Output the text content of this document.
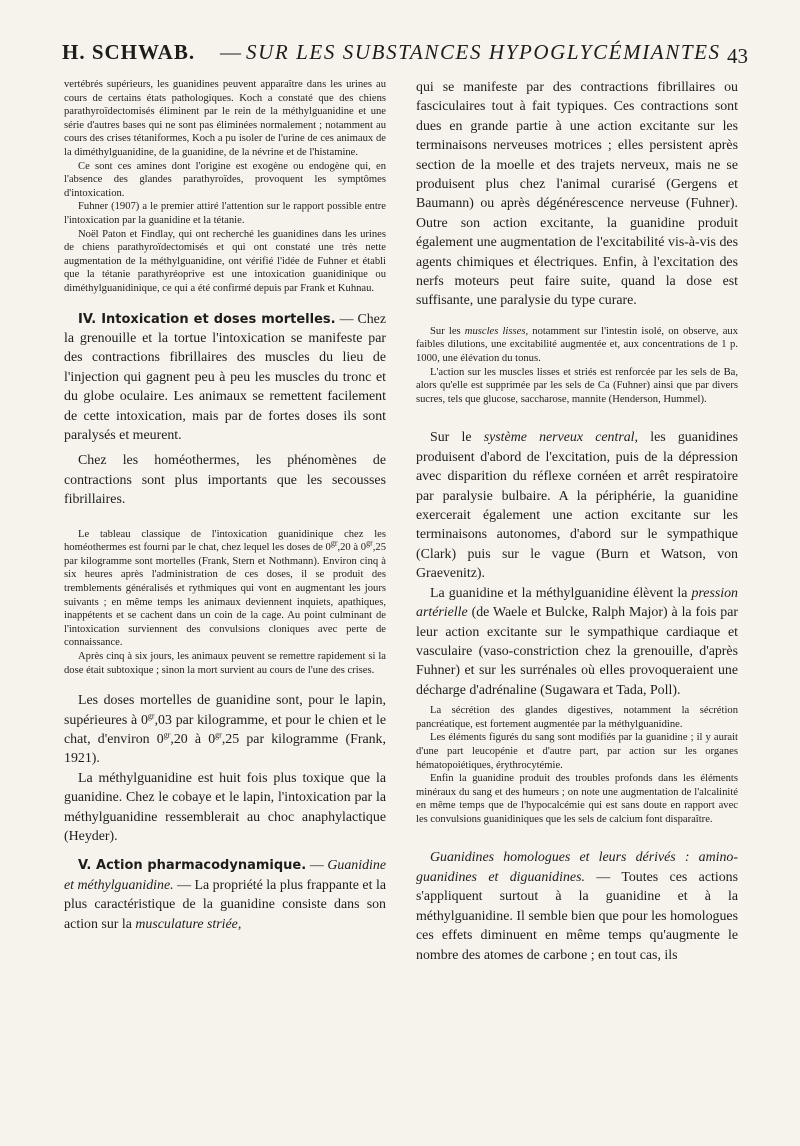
H. SCHWAB. — SUR LES SUBSTANCES HYPOGLYCÉMIANTES 43

vertébrés supérieurs, les guanidines peuvent apparaître dans les urines au cours de certains états pathologiques. Koch a constaté que des chiens parathyroïdectomisés éliminent par le rein de la méthylguanidine et une série d'autres bases qui ne sont pas éliminées normalement ; notamment au cours des crises tétaniformes, Koch a pu isoler de l'urine de ces animaux de la diméthylguanidine, de la guanidine, de la névrine et de l'histamine.

Ce sont ces amines dont l'origine est exogène ou endogène qui, en l'absence des glandes parathyroïdes, provoquent les symptômes d'intoxication.

Fuhner (1907) a le premier attiré l'attention sur le rapport possible entre l'intoxication par la guanidine et la tétanie.

Noël Paton et Findlay, qui ont recherché les guanidines dans les urines de chiens parathyroïdectomisés et qui ont constaté une très nette augmentation de la méthylguanidine, ont vérifié l'idée de Fuhner et établi que la tétanie parathyréoprive est une intoxication guanidinique ou diméthylguanidinique, ce qui a été confirmé depuis par Frank et Kuhnau.

IV. Intoxication et doses mortelles. — Chez la grenouille et la tortue l'intoxication se manifeste par des contractions fibrillaires des muscles du lieu de l'injection qui gagnent peu à peu les muscles du tronc et du globe oculaire. Les animaux se remettent facilement de cette intoxication, mais par de fortes doses ils sont paralysés et meurent.

Chez les homéothermes, les phénomènes de contractions sont plus importants que les secousses fibrillaires.

Le tableau classique de l'intoxication guanidinique chez les homéothermes est fourni par le chat, chez lequel les doses de $0^{gr},20$ à $0^{gr},25$ par kilogramme sont mortelles (Frank, Stern et Nothmann). Environ cinq à six heures après l'administration de ces doses, il se produit des tremblements généralisés et rythmiques qui vont en augmentant les jours suivants ; en même temps les animaux deviennent inquiets, apathiques, inappétents et se cachent dans un coin de la cage. Au point culminant de l'intoxication surviennent des convulsions cloniques avec perte de connaissance.

Après cinq à six jours, les animaux peuvent se remettre rapidement si la dose était subtoxique ; sinon la mort survient au cours de l'une des crises.

Les doses mortelles de guanidine sont, pour le lapin, supérieures à $0^{gr},03$ par kilogramme, et pour le chien et le chat, d'environ $0^{gr},20$ à $0^{gr},25$ par kilogramme (Frank, 1921).

La méthylguanidine est huit fois plus toxique que la guanidine. Chez le cobaye et le lapin, l'intoxication par la méthylguanidine ressemblerait au choc anaphylactique (Heyder).

V. Action pharmacodynamique. — Guanidine et méthylguanidine. — La propriété la plus frappante et la plus caractéristique de la guanidine consiste dans son action sur la musculature striée,

qui se manifeste par des contractions fibrillaires ou fasciculaires tout à fait typiques. Ces contractions sont dues en grande partie à une action excitante sur les terminaisons nerveuses motrices ; elles persistent après section de la moelle et des trajets nerveux, mais ne se produisent plus chez l'animal curarisé (Gergens et Baumann) ou après dégénérescence nerveuse (Fuhner). Outre son action excitante, la guanidine produit également une augmentation de l'excitabilité vis-à-vis des agents chimiques et électriques. Enfin, à l'excitation des nerfs moteurs peut faire suite, quand la dose est suffisante, une paralysie du type curare.

Sur les muscles lisses, notamment sur l'intestin isolé, on observe, aux faibles dilutions, une excitabilité augmentée et, aux concentrations de 1 p. 1000, une élévation du tonus.

L'action sur les muscles lisses et striés est renforcée par les sels de Ba, alors qu'elle est supprimée par les sels de Ca (Fuhner) ainsi que par divers sucres, tels que glucose, saccharose, mannite (Henderson, Hummel).

Sur le système nerveux central, les guanidines produisent d'abord de l'excitation, puis de la dépression avec disparition du réflexe cornéen et arrêt respiratoire par paralysie bulbaire. A la périphérie, la guanidine exercerait également une action excitante sur les terminaisons autonomes, d'abord sur le sympathique (Clark) puis sur le vague (Burn et Watson, von Graevenitz).

La guanidine et la méthylguanidine élèvent la pression artérielle (de Waele et Bulcke, Ralph Major) à la fois par leur action excitante sur le sympathique cardiaque et vasculaire (vaso-constriction chez la grenouille, d'après Fuhner) et sur les surrénales où elles provoqueraient une décharge d'adrénaline (Sugawara et Tada, Poll).

La sécrétion des glandes digestives, notamment la sécrétion pancréatique, est fortement augmentée par la méthylguanidine.

Les éléments figurés du sang sont modifiés par la guanidine ; il y aurait d'une part leucopénie et d'autre part, par action sur les organes hématopoiétiques, érythrocytémie.

Enfin la guanidine produit des troubles profonds dans les éléments minéraux du sang et des humeurs ; on note une augmentation de l'alcalinité en même temps que de l'hypocalcémie qui est sans doute en rapport avec les convulsions guanidiniques que les sels de calcium font disparaître.

Guanidines homologues et leurs dérivés : amino-guanidines et diguanidines. — Toutes ces actions s'appliquent surtout à la guanidine et à la méthylguanidine. Il semble bien que pour les homologues ces effets diminuent en même temps qu'augmente le nombre des atomes de carbone ; en tout cas, ils
